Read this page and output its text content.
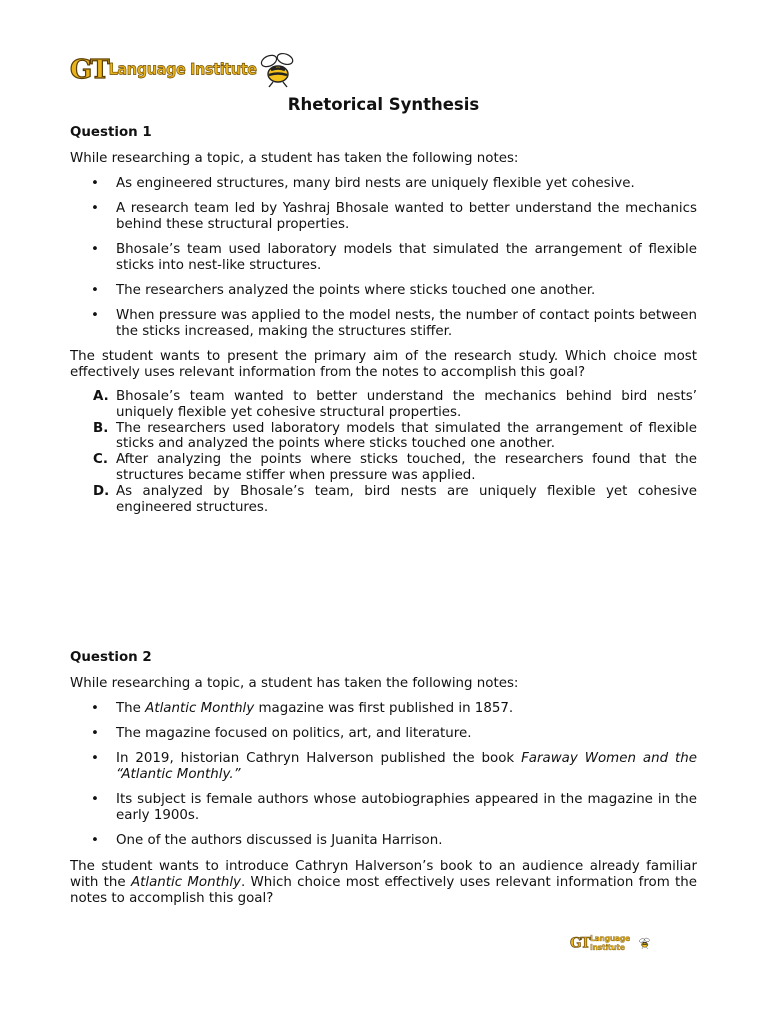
GT Language Institute
Rhetorical Synthesis
Question 1

While researching a topic, a student has taken the following notes:

• As engineered structures, many bird nests are uniquely flexible yet cohesive.
• A research team led by Yashraj Bhosale wanted to better understand the mechanics behind these structural properties.
• Bhosale’s team used laboratory models that simulated the arrangement of flexible sticks into nest-like structures.
• The researchers analyzed the points where sticks touched one another.
• When pressure was applied to the model nests, the number of contact points between the sticks increased, making the structures stiffer.

The student wants to present the primary aim of the research study. Which choice most effectively uses relevant information from the notes to accomplish this goal?

A. Bhosale’s team wanted to better understand the mechanics behind bird nests’ uniquely flexible yet cohesive structural properties.
B. The researchers used laboratory models that simulated the arrangement of flexible sticks and analyzed the points where sticks touched one another.
C. After analyzing the points where sticks touched, the researchers found that the structures became stiffer when pressure was applied.
D. As analyzed by Bhosale’s team, bird nests are uniquely flexible yet cohesive engineered structures.
Question 2

While researching a topic, a student has taken the following notes:

• The Atlantic Monthly magazine was first published in 1857.
• The magazine focused on politics, art, and literature.
• In 2019, historian Cathryn Halverson published the book Faraway Women and the “Atlantic Monthly.”
• Its subject is female authors whose autobiographies appeared in the magazine in the early 1900s.
• One of the authors discussed is Juanita Harrison.

The student wants to introduce Cathryn Halverson’s book to an audience already familiar with the Atlantic Monthly. Which choice most effectively uses relevant information from the notes to accomplish this goal?

GT Language Institute
